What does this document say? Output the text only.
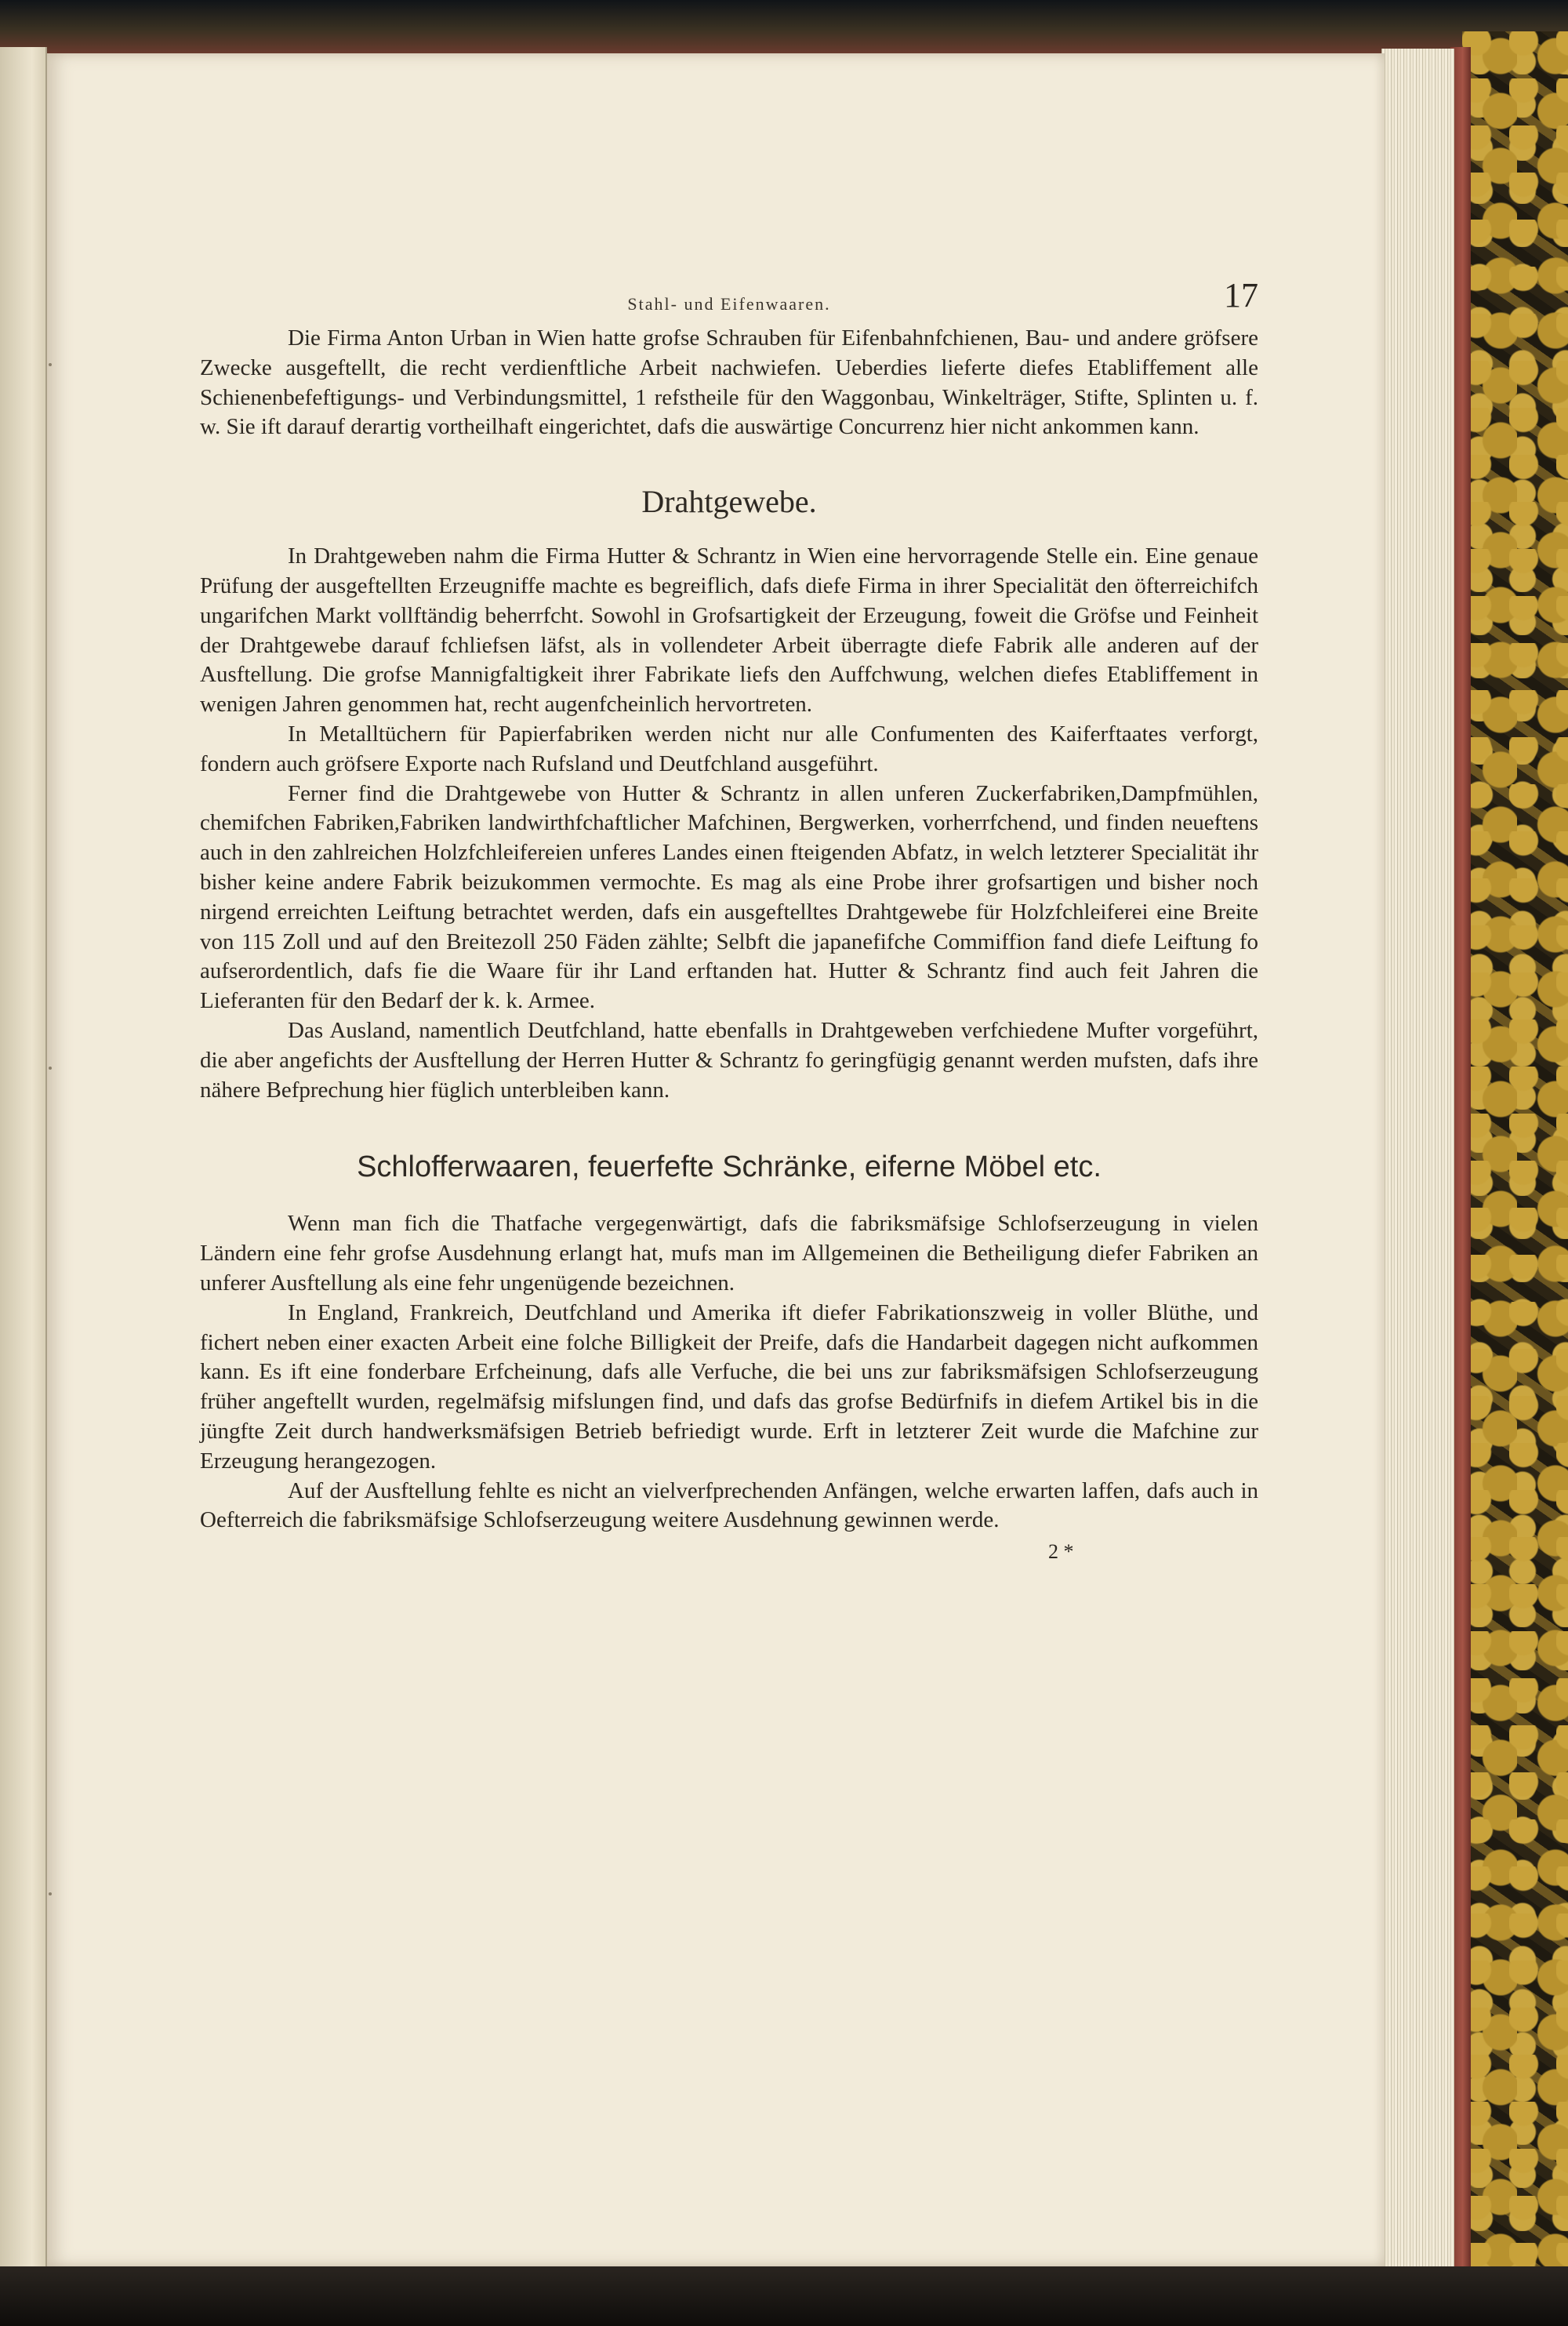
Stahl- und Eifenwaaren.	17

Die Firma Anton Urban in Wien hatte grofse Schrauben für Eifenbahnfchienen, Bau- und andere gröfsere Zwecke ausgeftellt, die recht verdienftliche Arbeit nachwiefen. Ueberdies lieferte diefes Etabliffement alle Schienenbefeftigungs- und Verbindungsmittel, 1 refstheile für den Waggonbau, Winkelträger, Stifte, Splinten u. f. w. Sie ift darauf derartig vortheilhaft eingerichtet, dafs die auswärtige Concurrenz hier nicht ankommen kann.

Drahtgewebe.

In Drahtgeweben nahm die Firma Hutter & Schrantz in Wien eine hervorragende Stelle ein. Eine genaue Prüfung der ausgeftellten Erzeugniffe machte es begreiflich, dafs diefe Firma in ihrer Specialität den öfterreichifch ungarifchen Markt vollftändig beherrfcht. Sowohl in Grofsartigkeit der Erzeugung, foweit die Gröfse und Feinheit der Drahtgewebe darauf fchliefsen läfst, als in vollendeter Arbeit überragte diefe Fabrik alle anderen auf der Ausftellung. Die grofse Mannigfaltigkeit ihrer Fabrikate liefs den Auffchwung, welchen diefes Etabliffement in wenigen Jahren genommen hat, recht augenfcheinlich hervortreten.

In Metalltüchern für Papierfabriken werden nicht nur alle Confumenten des Kaiferftaates verforgt, fondern auch gröfsere Exporte nach Rufsland und Deutfchland ausgeführt.

Ferner find die Drahtgewebe von Hutter & Schrantz in allen unferen Zuckerfabriken,Dampfmühlen, chemifchen Fabriken,Fabriken landwirthfchaftlicher Mafchinen, Bergwerken, vorherrfchend, und finden neueftens auch in den zahlreichen Holzfchleifereien unferes Landes einen fteigenden Abfatz, in welch letzterer Specialität ihr bisher keine andere Fabrik beizukommen vermochte. Es mag als eine Probe ihrer grofsartigen und bisher noch nirgend erreichten Leiftung betrachtet werden, dafs ein ausgeftelltes Drahtgewebe für Holzfchleiferei eine Breite von 115 Zoll und auf den Breitezoll 250 Fäden zählte; Selbft die japanefifche Commiffion fand diefe Leiftung fo aufserordentlich, dafs fie die Waare für ihr Land erftanden hat. Hutter & Schrantz find auch feit Jahren die Lieferanten für den Bedarf der k. k. Armee.

Das Ausland, namentlich Deutfchland, hatte ebenfalls in Drahtgeweben verfchiedene Mufter vorgeführt, die aber angefichts der Ausftellung der Herren Hutter & Schrantz fo geringfügig genannt werden mufsten, dafs ihre nähere Befprechung hier füglich unterbleiben kann.

Schlofferwaaren, feuerfefte Schränke, eiferne Möbel etc.

Wenn man fich die Thatfache vergegenwärtigt, dafs die fabriksmäfsige Schlofserzeugung in vielen Ländern eine fehr grofse Ausdehnung erlangt hat, mufs man im Allgemeinen die Betheiligung diefer Fabriken an unferer Ausftellung als eine fehr ungenügende bezeichnen.

In England, Frankreich, Deutfchland und Amerika ift diefer Fabrikationszweig in voller Blüthe, und fichert neben einer exacten Arbeit eine folche Billigkeit der Preife, dafs die Handarbeit dagegen nicht aufkommen kann. Es ift eine fonderbare Erfcheinung, dafs alle Verfuche, die bei uns zur fabriksmäfsigen Schlofserzeugung früher angeftellt wurden, regelmäfsig mifslungen find, und dafs das grofse Bedürfnifs in diefem Artikel bis in die jüngfte Zeit durch handwerksmäfsigen Betrieb befriedigt wurde. Erft in letzterer Zeit wurde die Mafchine zur Erzeugung herangezogen.

Auf der Ausftellung fehlte es nicht an vielverfprechenden Anfängen, welche erwarten laffen, dafs auch in Oefterreich die fabriksmäfsige Schlofserzeugung weitere Ausdehnung gewinnen werde.

2 *
